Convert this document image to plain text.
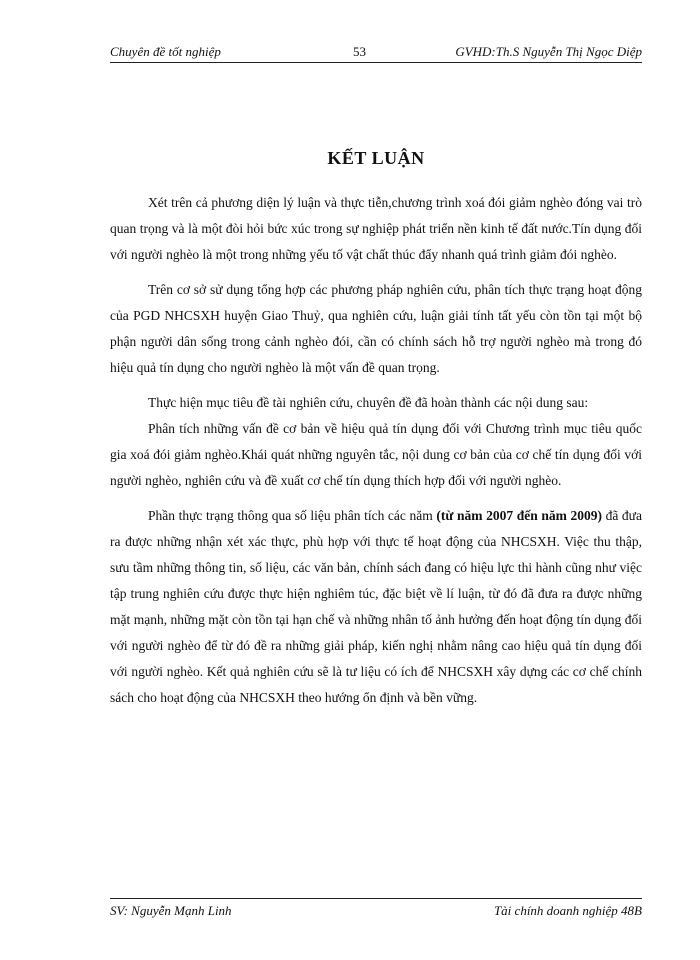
Chuyên đề tốt nghiệp	53	GVHD:Th.S Nguyễn Thị Ngọc Diệp
KẾT LUẬN

Xét trên cả phương diện lý luận và thực tiễn,chương trình xoá đói giảm nghèo đóng vai trò quan trọng và là một đòi hỏi bức xúc trong sự nghiệp phát triển nền kinh tế đất nước.Tín dụng đối với người nghèo là một trong những yếu tố vật chất thúc đẩy nhanh quá trình giảm đói nghèo.

Trên cơ sở sử dụng tổng hợp các phương pháp nghiên cứu, phân tích thực trạng hoạt động của PGD NHCSXH huyện Giao Thuỷ, qua nghiên cứu, luận giải tính tất yếu còn tồn tại một bộ phận người dân sống trong cảnh nghèo đói, cần có chính sách hỗ trợ người nghèo mà trong đó hiệu quả tín dụng cho người nghèo là một vấn đề quan trọng.

Thực hiện mục tiêu đề tài nghiên cứu, chuyên đề đã hoàn thành các nội dung sau:

Phân tích những vấn đề cơ bản về hiệu quả tín dụng đối với Chương trình mục tiêu quốc gia xoá đói giảm nghèo.Khái quát những nguyên tắc, nội dung cơ bản của cơ chế tín dụng đối với người nghèo, nghiên cứu và đề xuất cơ chế tín dụng thích hợp đối với người nghèo.

Phần thực trạng thông qua số liệu phân tích các năm (từ năm 2007 đến năm 2009) đã đưa ra được những nhận xét xác thực, phù hợp với thực tế hoạt động của NHCSXH. Việc thu thập, sưu tầm những thông tin, số liệu, các văn bản, chính sách đang có hiệu lực thi hành cũng như việc tập trung nghiên cứu được thực hiện nghiêm túc, đặc biệt về lí luận, từ đó đã đưa ra được những mặt mạnh, những mặt còn tồn tại hạn chế và những nhân tố ảnh hưởng đến hoạt động tín dụng đối với người nghèo để từ đó đề ra những giải pháp, kiến nghị nhằm nâng cao hiệu quả tín dụng đối với người nghèo. Kết quả nghiên cứu sẽ là tư liệu có ích để NHCSXH xây dựng các cơ chế chính sách cho hoạt động của NHCSXH theo hướng ổn định và bền vững.

SV: Nguyễn Mạnh Linh	Tài chính doanh nghiệp 48B
